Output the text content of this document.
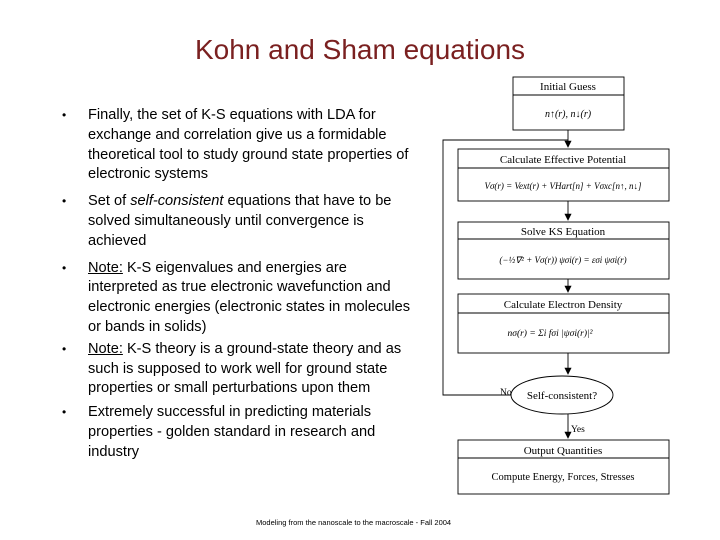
Kohn and Sham equations
• Finally, the set of K-S equations with LDA for exchange and correlation give us a formidable theoretical tool to study ground state properties of electronic systems
• Set of self-consistent equations that have to be solved simultaneously until convergence is achieved
• Note: K-S eigenvalues and energies are interpreted as true electronic wavefunction and electronic energies (electronic states in molecules or bands in solids)
• Note: K-S theory is a ground-state theory and as such is supposed to work well for ground state properties or small perturbations upon them
• Extremely successful in predicting materials properties - golden standard in research and industry
Initial Guess
n↑(r), n↓(r)
Calculate Effective Potential
Vσ(r) = Vext(r) + VHart[n] + Vσxc[n↑, n↓]
Solve KS Equation
(−½∇² + Vσ(r)) ψσi(r) = εσi ψσi(r)
Calculate Electron Density
nσ(r) = Σi fσi |ψσi(r)|²
Self-consistent?
No
Yes
Output Quantities
Compute Energy, Forces, Stresses
Modeling from the nanoscale to the macroscale - Fall 2004
